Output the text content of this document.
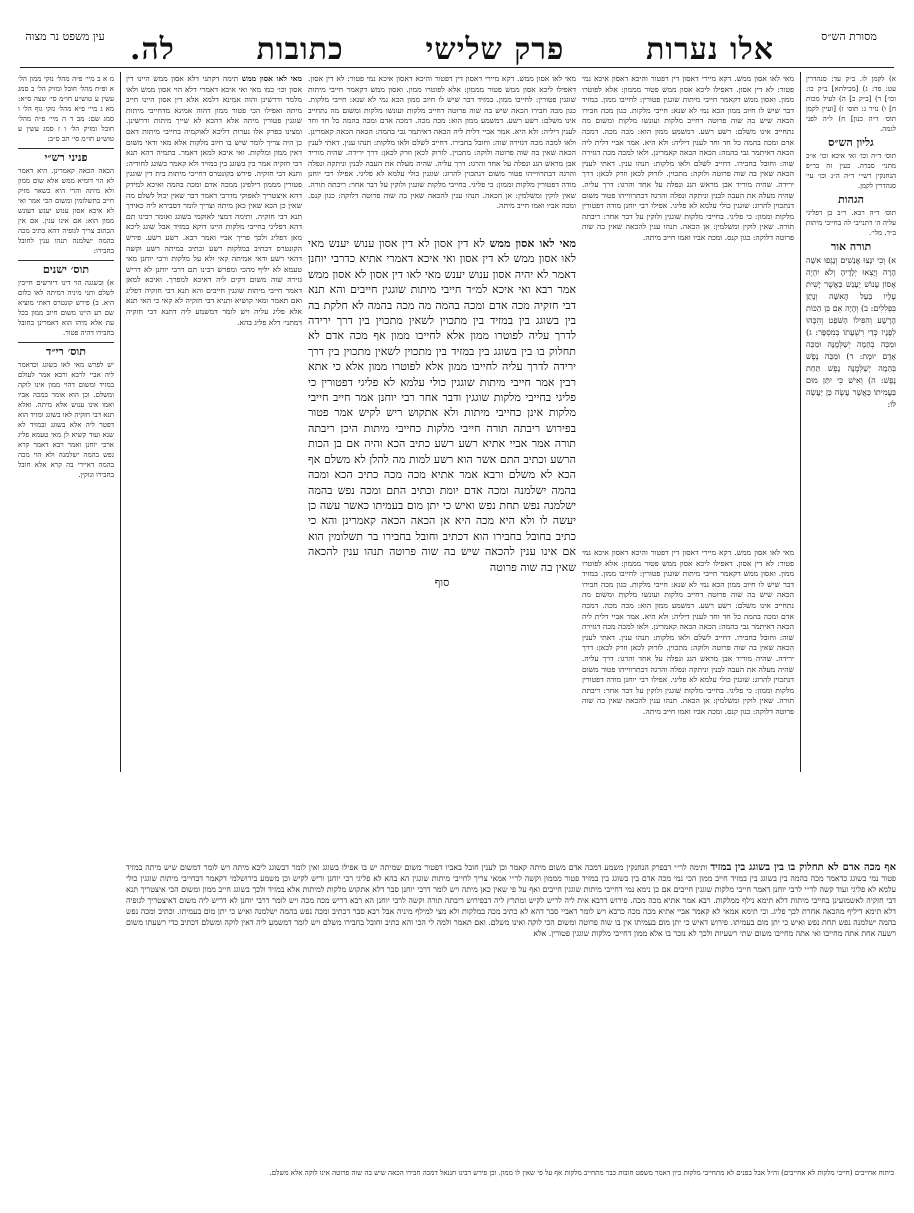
מסורת הש״ס
אלו נערות
פרק שלישי
כתובות
לה.
עין משפט נר מצוה
א) לקמן לו. ב״ק עד: סנהדרין עט: פד: ג) [מכילתא] ב״ק כו: וכו׳] ד) [ב״ק כ] ה) לעיל מכות ח] ו) נזיר ג: תוס׳ ז) [ועיין לקמן תוס׳ ד״ה כנון] ח) ל״ה לפני לגמה.
גליון הש״ס
תוס׳ ד״ה וכו׳ ואי איכא וכו׳ א״כ מתני׳ סברה. כעין זה בר״פ הנחנקין רש״י ד״ה ה״נ וכו׳ עי׳ סנהדרין לקמן.
הגהות
תוס׳ ד״ה רבא. ר״ב בן דפליגי עליה ה׳ דתנייבי לה בחייבי מיתות ב״ד. מלי׳.
תורה אור
א) וְכִי יִנָּצוּ אֲנָשִׁים וְנָגְפוּ אִשָּׁה הָרָה וְיָצְאוּ יְלָדֶיהָ וְלֹא יִהְיֶה אָסוֹן עָנוֹשׁ יֵעָנֵשׁ כַּאֲשֶׁר יָשִׁית עָלָיו בַּעַל הָאִשָּׁה וְנָתַן בִּפְלִלִים: ב) וְהָיָה אִם בִּן הַכּוֹת הָרָשָׁע וְהִפִּילוֹ הַשֹּׁפֵט וְהִכָּהוּ לְפָנָיו כְּדֵי רִשְׁעָתוֹ בְּמִסְפָּר: ג) וּמַכֵּה בְהֵמָה יְשַׁלְּמֶנָּה וּמַכֵּה אָדָם יוּמָת: ד) וּמַכֵּה נֶפֶשׁ בְּהֵמָה יְשַׁלְּמֶנָּה נֶפֶשׁ תַּחַת נָפֶשׁ: ה) וְאִישׁ כִּי יִתֵּן מוּם בַּעֲמִיתוֹ כַּאֲשֶׁר עָשָׂה כֵּן יֵעָשֶׂה לּוֹ:
מ א ב מיי׳ פ״ה מהל׳ נזקי ממון הל׳ א ופ״ח מהל׳ חובל ומזיק הל׳ ב סמג עשין ע טוש״ע חו״מ סי׳ שצה ס״א: מא ג מיי׳ פ״א מהל׳ נזקי גוף הל׳ ו סמג שם: מב ד ה מיי׳ פ״ה מהל׳ חובל ומזיק הל׳ ו ז סמג עשין ע טוש״ע חו״מ סי׳ תכ ס״ב:
פניני רש״י
הכאה הכאה קאמרינן. היא דאמר לא הוי דומיא ממש אלא שום ממון ולא מיתה והרי היא כשאר מזיק חייב בתשלומין ומשום הכי אמר ואי לא איכא אסון ענוש יענש דעונש ממון הוא: אם אינו ענין. אם אין הכתוב צריך לגופיה דהא כתיב מכה בהמה ישלמנה תנהו ענין לחובל בחבירו:
תוס׳ ישנים
א) ובשגגה הוי דינו דיורשים חייבין לשלם ותני מיניה דמיתה לאו כלום היא. ב) פירש קונטרס דאתי מוציא שם רע היינו משום חיוב ממון בכל עת אלא מיהו הוא דאמרינן בחובל בחבירו דהיה פטור.
תוס׳ רי״ד
יש לפרש מאי לאו בשוגג וכדאמר ליה אביי לרבא ורבא אמר לעולם במזיד ומשום דהוי ממון אינו לוקה ומשלם. וכן הוא אומר במכה אביו ואמו אינו ענוש אלא מיתה. ואלא תנא דבי חזקיה לאו בשוגג ומזיד הוא דפטר ליה אלא בשוגג ובמזיד לא שנא ועוד קשיא לן מאי טעמא פליג ארבי יוחנן ואמר רבא דאמר קרא נפש בהמה ישלמנה ולא הוי מכה בהמה דאיירי בה קרא אלא חובל בחבירו ונזקין.
מאי לאו אסון ממש. דקא מיירי דאסון דין דפטור והיכא דאסון איכא נמי פטור: לא דין אסון. דאפילו ליכא אסון ממש פטור מממון: אלא לפוטרו ממון. ואסון ממש דקאמר חייבי מיתות שוגגין פטורין: לחייבו ממון. במזיד דבר שיש לו חיוב ממון הכא נמי לא שנא: חייבי מלקות. כגון מכה חבירו הכאה שיש בה שוה פרוטה דחייב מלקות ועונשו מלקות ומשום מה נתחייב אינו משלם: רשע רשע. דמשמע ממון הוא: מכה מכה. דמכה אדם ומכה בהמה כל חד וחד לענין דיליה: ולא היא. אמר אביי דלית ליה הכאה דאיתמר גבי בהמה: הכאה הכאה קאמרינן. ולאו למכה מכה דגזירה שוה: וחובל בחבירו. דחייב לשלם ולאו מלקות: תנהו ענין. דאתי לענין הכאה שאין בה שוה פרוטה ולוקה: מתכוין. לזרוק לכאן וזרק לכאן: דרך ירידה. שהיה מוריד אבן מראש הגג ונפלה על אחד והרגו: דרך עליה. שהיה מעלה את העבה לבנין וניתקה ונפלה והרגה דבתרווייהו פטור משום דנתכוין להרוג: שוגגין כולי עלמא לא פליגי. אפילו רבי יוחנן מודה דפטורין מלקות וממון: כי פליגי. בחייבי מלקות שוגגין ולוקין על דבר אחר: ריבתה תורה. שאין לוקין ומשלמין: אן הכאה. תנהו ענין להכאה שאין בה שוה פרוטה דלוקה: כגון קנס. ומכה אביו ואמו חייב מיתה.
מאי לאו אסון ממש לא דין אסון לא דין אסון ענוש יענש מאי לאו אסון ממש לא דין אסון ואי איכא דאמרי אתיא כדרבי יוחנן דאמר לא יהיה אסון ענוש יענש מאי לאו דין אסון לא אסון ממש אמר רבא ואי איכא למ״ד חייבי מיתות שוגגין חייבים והא תנא דבי חזקיה מכה אדם ומכה בהמה מה מכה בהמה לא חלקת בה בין בשוגג בין במזיד בין מתכוין לשאין מתכוין בין דרך ירידה לדרך עליה לפוטרו ממון אלא לחייבו ממון אף מכה אדם לא תחלוק בו בין בשוגג בין במזיד בין מתכוין לשאין מתכוין בין דרך ירידה לדרך עליה לחייבו ממון אלא לפוטרו ממון אלא כי אתא רבין אמר חייבי מיתות שוגגין כולי עלמא לא פליגי דפטורין כי פליגי בחייבי מלקות שוגגין ודבר אחר רבי יוחנן אמר חייב חייבי מלקות אינן כחייבי מיתות ולא אתקוש ריש לקיש אמר פטור בפירוש ריבתה תורה חייבי מלקות כחייבי מיתות היכן ריבתה תורה אמר אביי אתיא רשע רשע כתיב הכא והיה אם בן הכות הרשע וכתיב התם אשר הוא רשע למות מה להלן לא משלם אף הכא לא משלם ורבא אמר אתיא מכה מכה כתיב הכא ומכה בהמה ישלמנה ומכה אדם יומת וכתיב התם ומכה נפש בהמה ישלמנה נפש תחת נפש ואיש כי יתן מום בעמיתו כאשר עשה כן יעשה לו ולא היא מכה היא אן הכאה הכאה קאמרינן והא כי כתיב בחובל בחבירו הוא דכתיב וחובל בחבירו בר תשלומין הוא אם אינו ענין להכאה שיש בה שוה פרוטה תנהו ענין להכאה שאין בה שוה פרוטה
סוף
מאי לאו אסון ממש. דקא מיירי דאסון דין דפטור והיכא דאסון איכא נמי פטור: לא דין אסון. דאפילו ליכא אסון ממש פטור מממון: אלא לפוטרו ממון. ואסון ממש דקאמר חייבי מיתות שוגגין פטורין: לחייבו ממון. במזיד דבר שיש לו חיוב ממון הכא נמי לא שנא: חייבי מלקות. כגון מכה חבירו הכאה שיש בה שוה פרוטה דחייב מלקות ועונשו מלקות ומשום מה נתחייב אינו משלם: רשע רשע. דמשמע ממון הוא: מכה מכה. דמכה אדם ומכה בהמה כל חד וחד לענין דיליה: ולא היא. אמר אביי דלית ליה הכאה דאיתמר גבי בהמה: הכאה הכאה קאמרינן. ולאו למכה מכה דגזירה שוה: וחובל בחבירו. דחייב לשלם ולאו מלקות: תנהו ענין. דאתי לענין הכאה שאין בה שוה פרוטה ולוקה: מתכוין. לזרוק לכאן וזרק לכאן: דרך ירידה. שהיה מוריד אבן מראש הגג ונפלה על אחד והרגו: דרך עליה. שהיה מעלה את העבה לבנין וניתקה ונפלה והרגה דבתרווייהו פטור משום דנתכוין להרוג: שוגגין כולי עלמא לא פליגי. אפילו רבי יוחנן מודה דפטורין מלקות וממון: כי פליגי. בחייבי מלקות שוגגין ולוקין על דבר אחר: ריבתה תורה. שאין לוקין ומשלמין: אן הכאה. תנהו ענין להכאה שאין בה שוה פרוטה דלוקה: כגון קנס. ומכה אביו ואמו חייב מיתה.
מאי לאו אסון ממש תימה דקתני דלא אסון ממש היינו דין אסון וכו׳ כמו מאי ואי איכא דאמרי דלא הוי אסון ממש ולאו מלמד ודרשינן והוה אמינא דלמא אלא דין אסון היינו חייב מיתה ואפילו הכי פטור ממון דהוה אמינא מדחייבי מיתות שוגגין פטורין מיתה אלא דהכא לא שייך מיתות ודרשינן. ומצינו בפרק אלו נערות דליכא לאוקמיה בחייבי מיתות דאם כן היה צריך לומר שיש בו חיוב מלקות אלא מאי ודאי משום דאין ממון ומלקות. ואי איכא למאן דאמר. בתמיה דהא תנא דבי חזקיה אמר בין בשוגג בין במזיד ולא קאמר בשוגג לחודיה: ותנא דבי חזקיה. פירש בקונטרס דחייבי מיתות בית דין שוגגין פטורין מממון דילפינן ממכה אדם ומכה בהמה ואיכא למידק דהא איצטריך לאפוקי מדרבי דאמר דבר שאין יכול לשלם מה שאין כן הכא שאין כאן מיתה וצריך לומר דסבירא ליה כאידך תנא דבי חזקיה. ותימה דמצי לאוקמי בשוגג ואומר רבינו תם דהא דפליגי בחייבי מלקות היינו דוקא במזיד אבל שוגג ליכא מאן דפליג ולכך פריך אביי ואמר רבא. רשע רשע. פירש הקונטרס דכתיב במלקות רשע וכתיב במיתה רשע וקשה דהאי רשע ודאי אמיתה קאי ולא על מלקות ורבי יוחנן מאי טעמא לא יליף מהכי ומפרש רבינו תם דרבי יוחנן לא דריש גזירה שוה משום דקים ליה דאיכא למפרך. ואיכא למאן דאמר חייבי מיתות שוגגין חייבים והא תנא דבי חזקיה דפליג ואם תאמר ומאי קושיא ותניא דבי חזקיה לא קאי כי האי תנא אלא פליג עליה ויש לומר דמשמע ליה דתנא דבי חזקיה דמתני׳ דלא פליג בהא.
מאי לאו אסון ממש. דקא מיירי דאסון דין דפטור והיכא דאסון איכא נמי פטור: לא דין אסון. דאפילו ליכא אסון ממש פטור מממון: אלא לפוטרו ממון. ואסון ממש דקאמר חייבי מיתות שוגגין פטורין: לחייבו ממון. במזיד דבר שיש לו חיוב ממון הכא נמי לא שנא: חייבי מלקות. כגון מכה חבירו הכאה שיש בה שוה פרוטה דחייב מלקות ועונשו מלקות ומשום מה נתחייב אינו משלם: רשע רשע. דמשמע ממון הוא: מכה מכה. דמכה אדם ומכה בהמה כל חד וחד לענין דיליה: ולא היא. אמר אביי דלית ליה הכאה דאיתמר גבי בהמה: הכאה הכאה קאמרינן. ולאו למכה מכה דגזירה שוה: וחובל בחבירו. דחייב לשלם ולאו מלקות: תנהו ענין. דאתי לענין הכאה שאין בה שוה פרוטה ולוקה: מתכוין. לזרוק לכאן וזרק לכאן: דרך ירידה. שהיה מוריד אבן מראש הגג ונפלה על אחד והרגו: דרך עליה. שהיה מעלה את העבה לבנין וניתקה ונפלה והרגה דבתרווייהו פטור משום דנתכוין להרוג: שוגגין כולי עלמא לא פליגי. אפילו רבי יוחנן מודה דפטורין מלקות וממון: כי פליגי. בחייבי מלקות שוגגין ולוקין על דבר אחר: ריבתה תורה. שאין לוקין ומשלמין: אן הכאה. תנהו ענין להכאה שאין בה שוה פרוטה דלוקה: כגון קנס. ומכה אביו ואמו חייב מיתה.
אף מכה אדם לא תחלוק בו בין בשוגג בין במזיד ותימה לר״י דבפרק הנחנקין משמע דמכה אדם משום מיתה קאמר וכן לענין חובל באביו דפטור משום שמיתה יש בו אפילו בשוגג ואין לומר דבשוגג ליכא מיתה ויש לומר דמשום שיש מיתה במזיד פטור נמי בשוגג כדאמר מכה בהמה בין בשוגג בין במזיד חייב ממון הכי נמי מכה אדם בין בשוגג בין במזיד פטור מממון וקשה לר״י אמאי צריך לחייבי מיתות שוגגין הא בהא לא פליגי רבי יוחנן וריש לקיש וכן משמע בירושלמי דקאמר דבחייבי מיתות שוגגין כולי עלמא לא פליגי ועוד קשה לר״י לרבי יוחנן דאמר חייבי מלקות שוגגין חייבים אם כן נימא נמי דחייבי מיתות שוגגין חייבים ואף על פי שאין כאן מיתה ויש לומר דרבי יוחנן סבר דלא אתקוש מלקות למיתות אלא במזיד ולכך בשוגג חייב ממון ומשום הכי איצטריך תנא דבי חזקיה לאשמועינן בחייבי מיתות דלא תימא נילף ממלקות. רבא אמר אתיא מכה מכה. פירוש דרבא אית ליה לריש לקיש ומתרץ ליה דבפירוש ריבתה תורה וקשה לרבי יוחנן הא רבא דריש מכה מכה ויש לומר דרבי יוחנן לא דריש ליה משום דאיצטריך לגופיה דלא תימא דיליף מהכאה אחרת לכך פליג. וכי תימא אמאי לא קאמר אביי אתיא מכה מכה כרבא ויש לומר דאביי סבר דהא לא כתיב מכה במלקות ולא מצי למילף מיניה אבל רבא סבר דכתיב ומכה נפש בהמה ישלמנה ואיש כי יתן מום בעמיתו. וכתיב ומכה נפש בהמה ישלמנה נפש תחת נפש ואיש כי יתן מום בעמיתו. פירוש דאיש כי יתן מום בעמיתו אין בו שוה פרוטה ומשום הכי לוקה ואינו משלם. ואם תאמר ולמה לי הכי והא כתיב וחובל בחבירו משלם ויש לומר דמשמע ליה דאין לוקה ומשלם דכתיב כדי רשעתו משום רשעה אחת אתה מחייבו ואי אתה מחייבו משום שתי רשעיות ולכך לא נזכר בו אלא ממון דחייבי מלקות שוגגין פטורין. אלא
ביתוח אחייבים (חייבי מלקות לא אחייבים) וה״ל אבל בפנים לא מתחייבי מלקות כיון דאמר משפט חובות כבר מתחייב מלקות אף על פי שאין לו ממון. וכן פירש רבינו חננאל דמכה חבירו הכאה שיש בה שוה פרוטה אינו לוקה אלא משלם.
